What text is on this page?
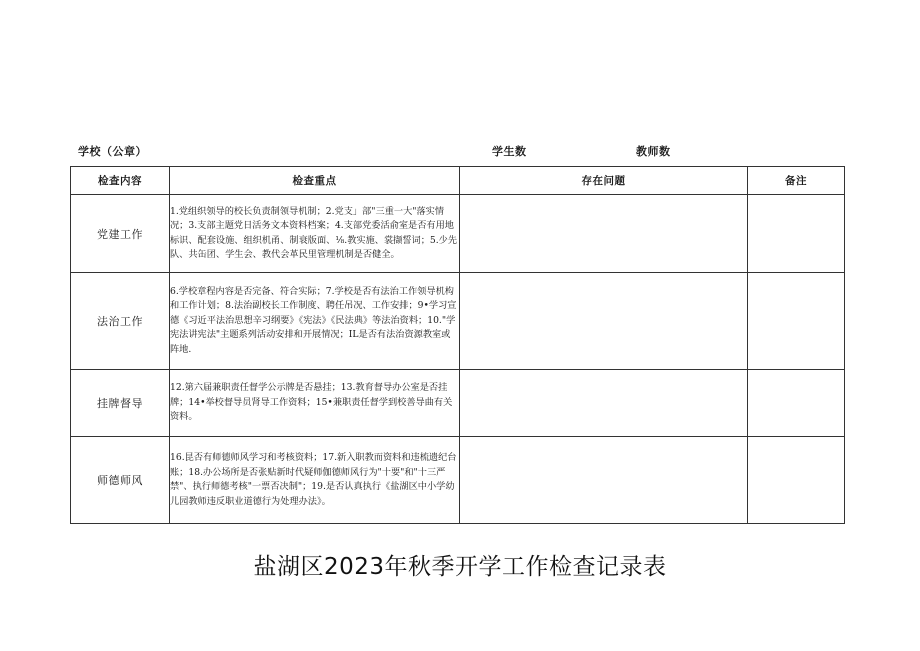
学校（公章）	学生数	教师数
检查内容	检查重点	存在问题	备注
党建工作	1.党组织领导的校长负责制领导机制；2.党支」部"三重一大"落实情况；3.支部主题党日活务文本资料档案；4.支部党委活俞室是否有用地标识、配套设施、组织机甬、制衰版面、⅛.教实施、裳撷誓词；5.少先队、共缶团、学生会、教代会革民里管理机制是否健全。		

法治工作	6.学校章程内容是否完备、符合实际；7.学校是否有法治工作领导机构和工作计划；8.法治副校长工作制度、聘任吊况、工作安排；9•学习宣德《习近平法治思想辛习纲要》《宪法》《民法典》等法治资料；10."学宪法讲宪法"主题系列活动安排和开展情况；IL是否有法治资源教室或阵地.		

挂牌督导	12.第六届兼职责任督学公示牌是否悬挂；13.教育督导办公室是否挂牌；14•举校督导员肾导工作资料；15•兼职责任督学到校善导曲有关资料。		

师德师风	16.昆否有师德师风学习和考核资料；17.新入职教而资料和违梳遗纪台账；18.办公场所是否张贴新时代疑师伽德师风行为"十要"和"十三严禁"、执行师德考核"一票否决制"；19.是否认真执行《盐湖区中小学幼儿园教师违反职业道德行为处理办法》。		

盐湖区2023年秋季开学工作检查记录表
